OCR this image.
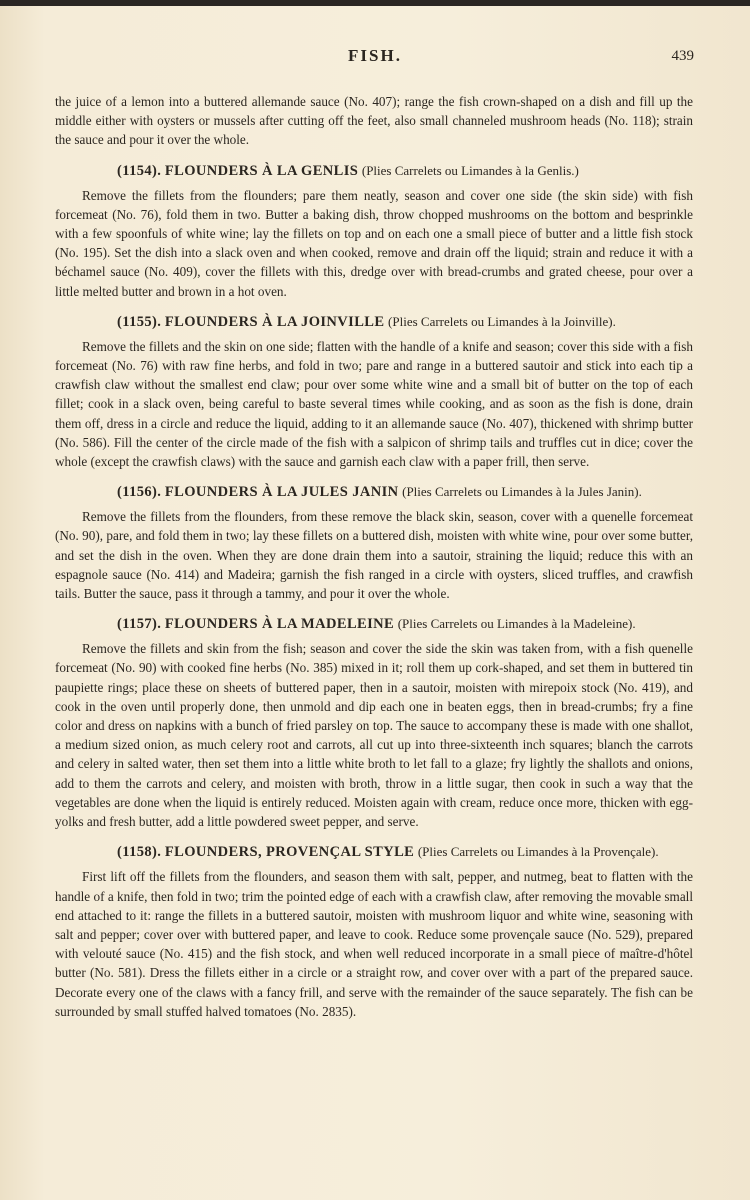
FISH.	439

the juice of a lemon into a buttered allemande sauce (No. 407); range the fish crown-shaped on a dish and fill up the middle either with oysters or mussels after cutting off the feet, also small channeled mushroom heads (No. 118); strain the sauce and pour it over the whole.

(1154). FLOUNDERS À LA GENLIS (Plies Carrelets ou Limandes à la Genlis.)

Remove the fillets from the flounders; pare them neatly, season and cover one side (the skin side) with fish forcemeat (No. 76), fold them in two. Butter a baking dish, throw chopped mushrooms on the bottom and besprinkle with a few spoonfuls of white wine; lay the fillets on top and on each one a small piece of butter and a little fish stock (No. 195). Set the dish into a slack oven and when cooked, remove and drain off the liquid; strain and reduce it with a béchamel sauce (No. 409), cover the fillets with this, dredge over with bread-crumbs and grated cheese, pour over a little melted butter and brown in a hot oven.

(1155). FLOUNDERS À LA JOINVILLE (Plies Carrelets ou Limandes à la Joinville).

Remove the fillets and the skin on one side; flatten with the handle of a knife and season; cover this side with a fish forcemeat (No. 76) with raw fine herbs, and fold in two; pare and range in a buttered sautoir and stick into each tip a crawfish claw without the smallest end claw; pour over some white wine and a small bit of butter on the top of each fillet; cook in a slack oven, being careful to baste several times while cooking, and as soon as the fish is done, drain them off, dress in a circle and reduce the liquid, adding to it an allemande sauce (No. 407), thickened with shrimp butter (No. 586). Fill the center of the circle made of the fish with a salpicon of shrimp tails and truffles cut in dice; cover the whole (except the crawfish claws) with the sauce and garnish each claw with a paper frill, then serve.

(1156). FLOUNDERS À LA JULES JANIN (Plies Carrelets ou Limandes à la Jules Janin).

Remove the fillets from the flounders, from these remove the black skin, season, cover with a quenelle forcemeat (No. 90), pare, and fold them in two; lay these fillets on a buttered dish, moisten with white wine, pour over some butter, and set the dish in the oven. When they are done drain them into a sautoir, straining the liquid; reduce this with an espagnole sauce (No. 414) and Madeira; garnish the fish ranged in a circle with oysters, sliced truffles, and crawfish tails. Butter the sauce, pass it through a tammy, and pour it over the whole.

(1157). FLOUNDERS À LA MADELEINE (Plies Carrelets ou Limandes à la Madeleine).

Remove the fillets and skin from the fish; season and cover the side the skin was taken from, with a fish quenelle forcemeat (No. 90) with cooked fine herbs (No. 385) mixed in it; roll them up cork-shaped, and set them in buttered tin paupiette rings; place these on sheets of buttered paper, then in a sautoir, moisten with mirepoix stock (No. 419), and cook in the oven until properly done, then unmold and dip each one in beaten eggs, then in bread-crumbs; fry a fine color and dress on napkins with a bunch of fried parsley on top. The sauce to accompany these is made with one shallot, a medium sized onion, as much celery root and carrots, all cut up into three-sixteenth inch squares; blanch the carrots and celery in salted water, then set them into a little white broth to let fall to a glaze; fry lightly the shallots and onions, add to them the carrots and celery, and moisten with broth, throw in a little sugar, then cook in such a way that the vegetables are done when the liquid is entirely reduced. Moisten again with cream, reduce once more, thicken with egg-yolks and fresh butter, add a little powdered sweet pepper, and serve.

(1158). FLOUNDERS, PROVENÇAL STYLE (Plies Carrelets ou Limandes à la Provençale).

First lift off the fillets from the flounders, and season them with salt, pepper, and nutmeg, beat to flatten with the handle of a knife, then fold in two; trim the pointed edge of each with a crawfish claw, after removing the movable small end attached to it: range the fillets in a buttered sautoir, moisten with mushroom liquor and white wine, seasoning with salt and pepper; cover over with buttered paper, and leave to cook. Reduce some provençale sauce (No. 529), prepared with velouté sauce (No. 415) and the fish stock, and when well reduced incorporate in a small piece of maître-d'hôtel butter (No. 581). Dress the fillets either in a circle or a straight row, and cover over with a part of the prepared sauce. Decorate every one of the claws with a fancy frill, and serve with the remainder of the sauce separately. The fish can be surrounded by small stuffed halved tomatoes (No. 2835).
